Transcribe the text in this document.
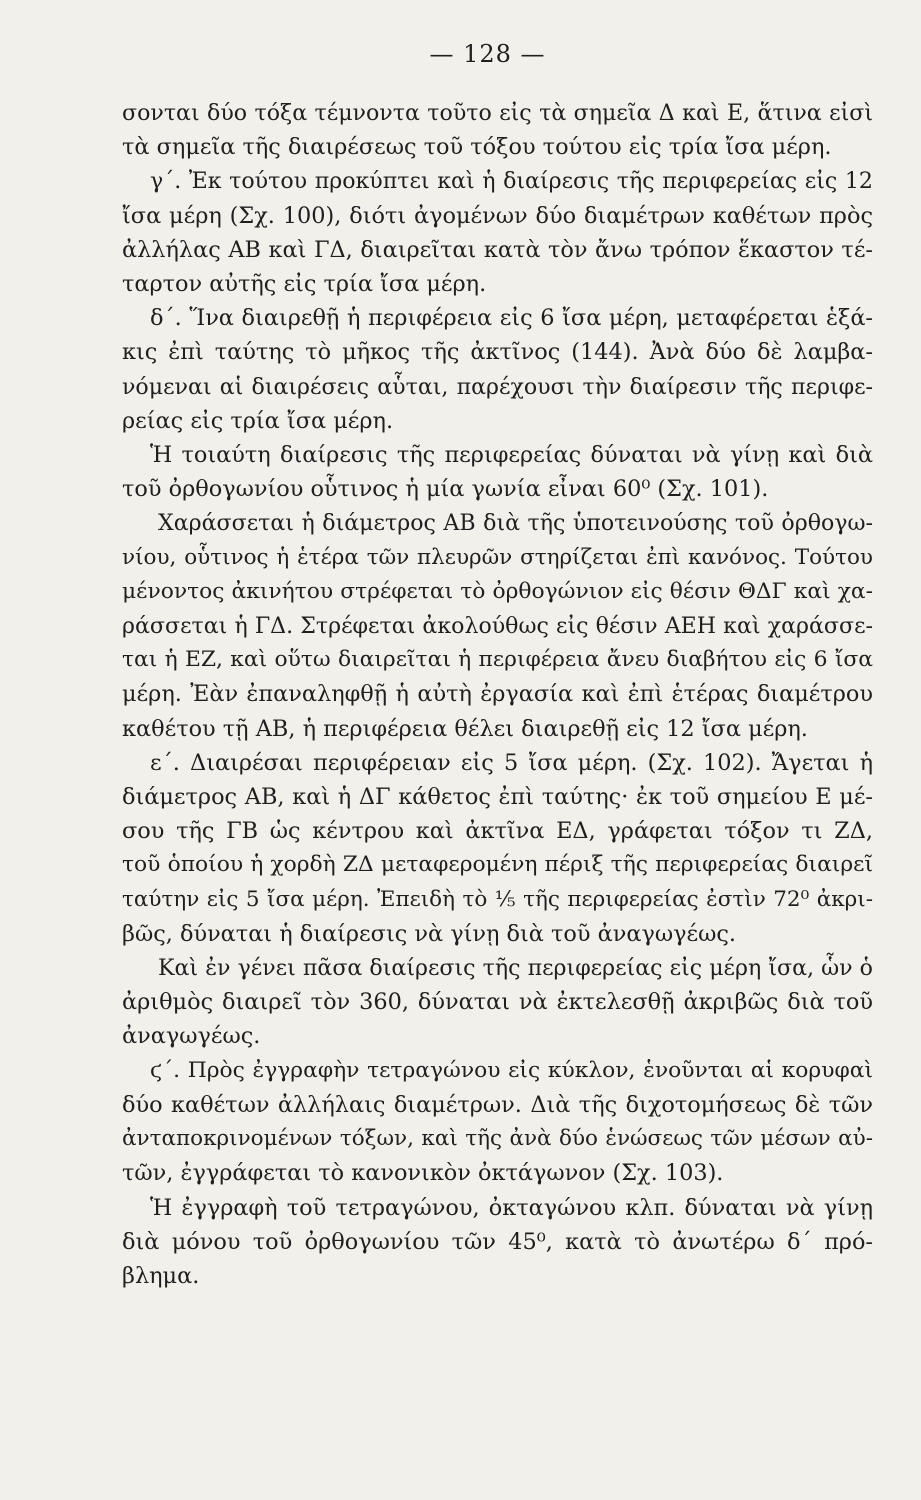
— 128 —
σονται δύο τόξα τέμνοντα τοῦτο εἰς τὰ σημεῖα Δ καὶ Ε, ἅτινα εἰσὶ
τὰ σημεῖα τῆς διαιρέσεως τοῦ τόξου τούτου εἰς τρία ἴσα μέρη.
γ΄. Ἐκ τούτου προκύπτει καὶ ἡ διαίρεσις τῆς περιφερείας εἰς 12
ἴσα μέρη (Σχ. 100), διότι ἀγομένων δύο διαμέτρων καθέτων πρὸς
ἀλλήλας ΑΒ καὶ ΓΔ, διαιρεῖται κατὰ τὸν ἄνω τρόπον ἕκαστον τέ-
ταρτον αὐτῆς εἰς τρία ἴσα μέρη.
δ΄. Ἵνα διαιρεθῇ ἡ περιφέρεια εἰς 6 ἴσα μέρη, μεταφέρεται ἑξά-
κις ἐπὶ ταύτης τὸ μῆκος τῆς ἀκτῖνος (144). Ἀνὰ δύο δὲ λαμβα-
νόμεναι αἱ διαιρέσεις αὗται, παρέχουσι τὴν διαίρεσιν τῆς περιφε-
ρείας εἰς τρία ἴσα μέρη.
Ἡ τοιαύτη διαίρεσις τῆς περιφερείας δύναται νὰ γίνῃ καὶ διὰ
τοῦ ὀρθογωνίου οὗτινος ἡ μία γωνία εἶναι 60⁰ (Σχ. 101).
Χαράσσεται ἡ διάμετρος ΑΒ διὰ τῆς ὑποτεινούσης τοῦ ὀρθογω-
νίου, οὗτινος ἡ ἑτέρα τῶν πλευρῶν στηρίζεται ἐπὶ κανόνος. Τούτου
μένοντος ἀκινήτου στρέφεται τὸ ὀρθογώνιον εἰς θέσιν ΘΔΓ καὶ χα-
ράσσεται ἡ ΓΔ. Στρέφεται ἀκολούθως εἰς θέσιν ΑΕΗ καὶ χαράσσε-
ται ἡ ΕΖ, καὶ οὕτω διαιρεῖται ἡ περιφέρεια ἄνευ διαβήτου εἰς 6 ἴσα
μέρη. Ἐὰν ἐπαναληφθῇ ἡ αὐτὴ ἐργασία καὶ ἐπὶ ἑτέρας διαμέτρου
καθέτου τῇ ΑΒ, ἡ περιφέρεια θέλει διαιρεθῇ εἰς 12 ἴσα μέρη.
ε΄. Διαιρέσαι περιφέρειαν εἰς 5 ἴσα μέρη. (Σχ. 102). Ἄγεται ἡ
διάμετρος ΑΒ, καὶ ἡ ΔΓ κάθετος ἐπὶ ταύτης· ἐκ τοῦ σημείου Ε μέ-
σου τῆς ΓΒ ὡς κέντρου καὶ ἀκτῖνα ΕΔ, γράφεται τόξον τι ΖΔ,
τοῦ ὁποίου ἡ χορδὴ ΖΔ μεταφερομένη πέριξ τῆς περιφερείας διαιρεῖ
ταύτην εἰς 5 ἴσα μέρη. Ἐπειδὴ τὸ ⅕ τῆς περιφερείας ἐστὶν 72⁰ ἀκρι-
βῶς, δύναται ἡ διαίρεσις νὰ γίνῃ διὰ τοῦ ἀναγωγέως.
Καὶ ἐν γένει πᾶσα διαίρεσις τῆς περιφερείας εἰς μέρη ἴσα, ὧν ὁ
ἀριθμὸς διαιρεῖ τὸν 360, δύναται νὰ ἐκτελεσθῇ ἀκριβῶς διὰ τοῦ
ἀναγωγέως.
ϛ΄. Πρὸς ἐγγραφὴν τετραγώνου εἰς κύκλον, ἑνοῦνται αἱ κορυφαὶ
δύο καθέτων ἀλλήλαις διαμέτρων. Διὰ τῆς διχοτομήσεως δὲ τῶν
ἀνταποκρινομένων τόξων, καὶ τῆς ἀνὰ δύο ἑνώσεως τῶν μέσων αὐ-
τῶν, ἐγγράφεται τὸ κανονικὸν ὀκτάγωνον (Σχ. 103).
Ἡ ἐγγραφὴ τοῦ τετραγώνου, ὀκταγώνου κλπ. δύναται νὰ γίνῃ
διὰ μόνου τοῦ ὀρθογωνίου τῶν 45⁰, κατὰ τὸ ἀνωτέρω δ΄ πρό-
βλημα.
